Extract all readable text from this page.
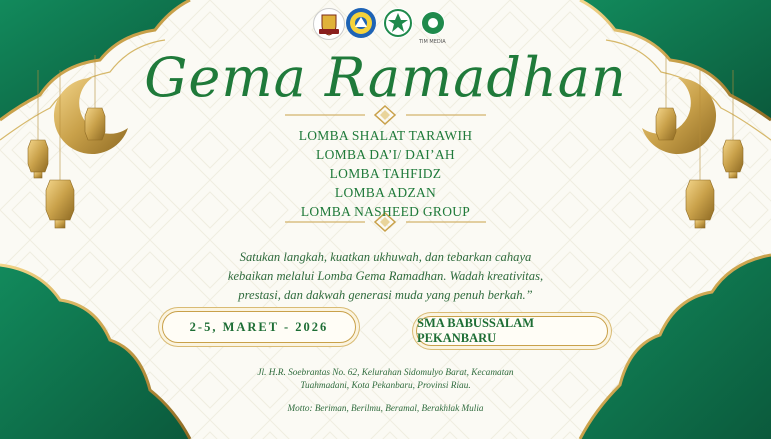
TIM MEDIA
Gema Ramadhan
LOMBA SHALAT TARAWIH
LOMBA DA’I/ DAI’AH
LOMBA TAHFIDZ
LOMBA ADZAN
LOMBA NASHEED GROUP
Satukan langkah, kuatkan ukhuwah, dan tebarkan cahaya
kebaikan melalui Lomba Gema Ramadhan. Wadah kreativitas,
prestasi, dan dakwah generasi muda yang penuh berkah.”
2-5, MARET - 2026	SMA BABUSSALAM PEKANBARU
Jl. H.R. Soebrantas No. 62, Kelurahan Sidomulyo Barat, Kecamatan
Tuahmadani, Kota Pekanbaru, Provinsi Riau.
Motto: Beriman, Berilmu, Beramal, Berakhlak Mulia
